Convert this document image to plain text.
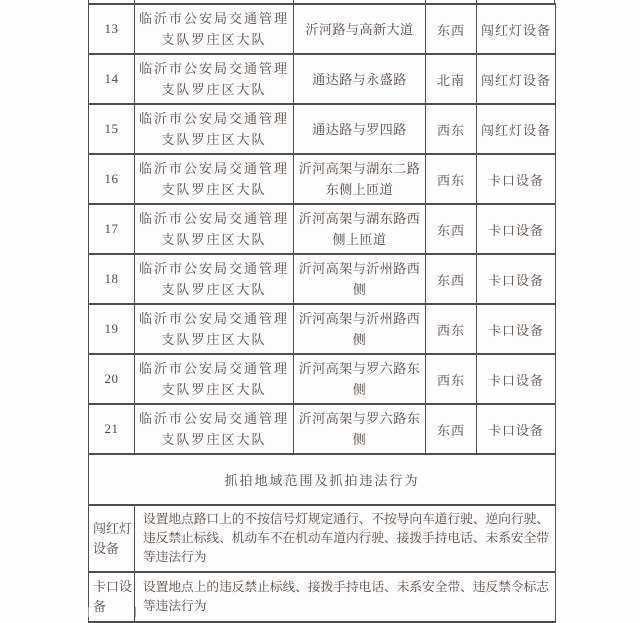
13	临沂市公安局交通管理支队罗庄区大队	沂河路与高新大道	东西	闯红灯设备
14	临沂市公安局交通管理支队罗庄区大队	通达路与永盛路	北南	闯红灯设备
15	临沂市公安局交通管理支队罗庄区大队	通达路与罗四路	西东	闯红灯设备
16	临沂市公安局交通管理支队罗庄区大队	沂河高架与湖东二路东侧上匝道	西东	卡口设备
17	临沂市公安局交通管理支队罗庄区大队	沂河高架与湖东路西侧上匝道	东西	卡口设备
18	临沂市公安局交通管理支队罗庄区大队	沂河高架与沂州路西侧	东西	卡口设备
19	临沂市公安局交通管理支队罗庄区大队	沂河高架与沂州路西侧	西东	卡口设备
20	临沂市公安局交通管理支队罗庄区大队	沂河高架与罗六路东侧	西东	卡口设备
21	临沂市公安局交通管理支队罗庄区大队	沂河高架与罗六路东侧	东西	卡口设备
抓拍地域范围及抓拍违法行为				
闯红灯设备	设置地点路口上的不按信号灯规定通行、不按导向车道行驶、逆向行驶、违反禁止标线、机动车不在机动车道内行驶、接拨手持电话、未系安全带等违法行为			
卡口设备	设置地点上的违反禁止标线、接拨手持电话、未系安全带、违反禁令标志等违法行为			
